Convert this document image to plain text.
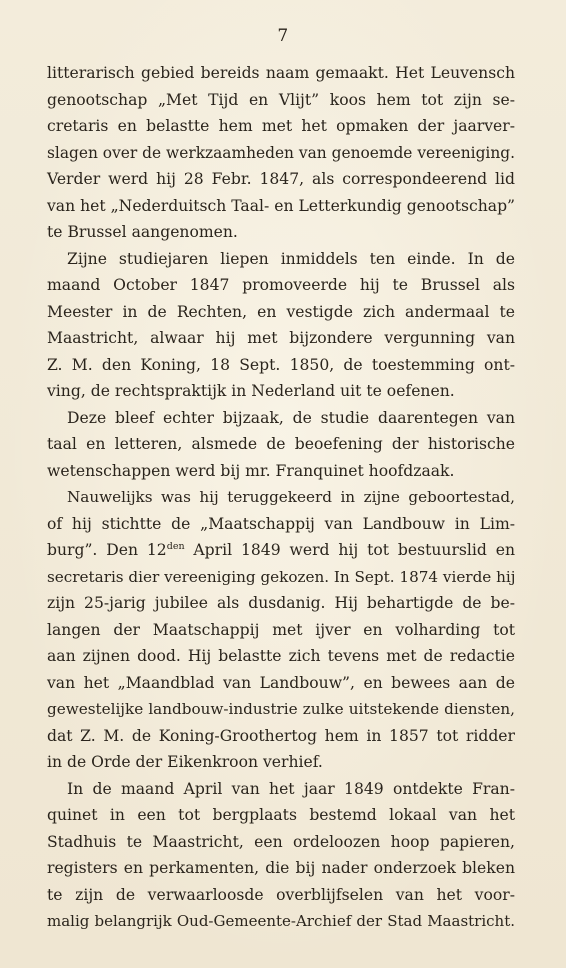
7
litterarisch gebied bereids naam gemaakt. Het Leuvensch
genootschap „Met Tijd en Vlijt” koos hem tot zijn se-
cretaris en belastte hem met het opmaken der jaarver-
slagen over de werkzaamheden van genoemde vereeniging.
Verder werd hij 28 Febr. 1847, als correspondeerend lid
van het „Nederduitsch Taal- en Letterkundig genootschap”
te Brussel aangenomen.
Zijne studiejaren liepen inmiddels ten einde. In de
maand October 1847 promoveerde hij te Brussel als
Meester in de Rechten, en vestigde zich andermaal te
Maastricht, alwaar hij met bijzondere vergunning van
Z. M. den Koning, 18 Sept. 1850, de toestemming ont-
ving, de rechtspraktijk in Nederland uit te oefenen.
Deze bleef echter bijzaak, de studie daarentegen van
taal en letteren, alsmede de beoefening der historische
wetenschappen werd bij mr. Franquinet hoofdzaak.
Nauwelijks was hij teruggekeerd in zijne geboortestad,
of hij stichtte de „Maatschappij van Landbouw in Lim-
burg”. Den $12^{den}$ April 1849 werd hij tot bestuurslid en
secretaris dier vereeniging gekozen. In Sept. 1874 vierde hij
zijn 25-jarig jubilee als dusdanig. Hij behartigde de be-
langen der Maatschappij met ijver en volharding tot
aan zijnen dood. Hij belastte zich tevens met de redactie
van het „Maandblad van Landbouw”, en bewees aan de
gewestelijke landbouw-industrie zulke uitstekende diensten,
dat Z. M. de Koning-Groothertog hem in 1857 tot ridder
in de Orde der Eikenkroon verhief.
In de maand April van het jaar 1849 ontdekte Fran-
quinet in een tot bergplaats bestemd lokaal van het
Stadhuis te Maastricht, een ordeloozen hoop papieren,
registers en perkamenten, die bij nader onderzoek bleken
te zijn de verwaarloosde overblijfselen van het voor-
malig belangrijk Oud-Gemeente-Archief der Stad Maastricht.
